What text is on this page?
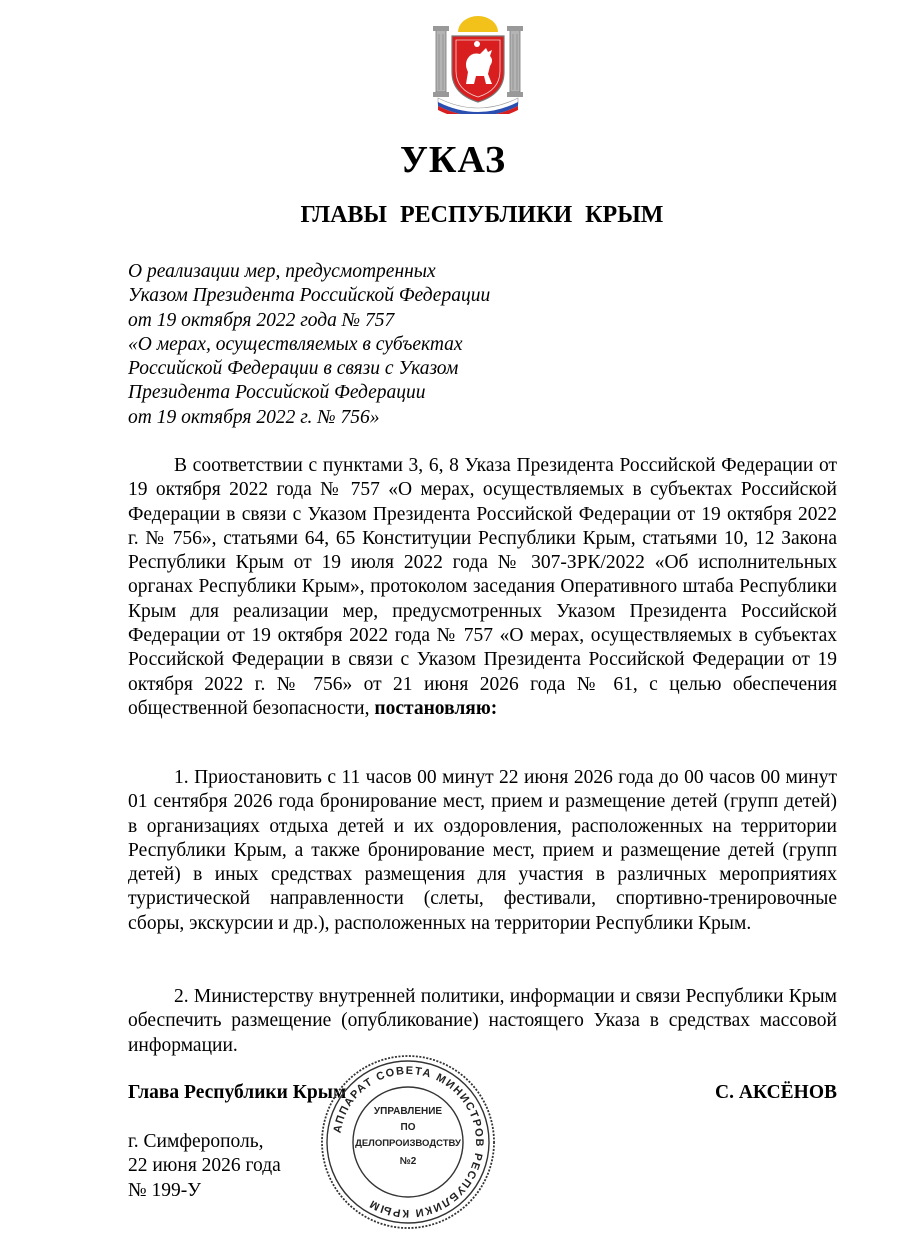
УКАЗ
ГЛАВЫ РЕСПУБЛИКИ КРЫМ
О реализации мер, предусмотренных
Указом Президента Российской Федерации
от 19 октября 2022 года № 757
«О мерах, осуществляемых в субъектах
Российской Федерации в связи с Указом
Президента Российской Федерации
от 19 октября 2022 г. № 756»
В соответствии с пунктами 3, 6, 8 Указа Президента Российской Федерации от 19 октября 2022 года № 757 «О мерах, осуществляемых в субъектах Российской Федерации в связи с Указом Президента Российской Федерации от 19 октября 2022 г. № 756», статьями 64, 65 Конституции Республики Крым, статьями 10, 12 Закона Республики Крым от 19 июля 2022 года № 307-ЗРК/2022 «Об исполнительных органах Республики Крым», протоколом заседания Оперативного штаба Республики Крым для реализации мер, предусмотренных Указом Президента Российской Федерации от 19 октября 2022 года № 757 «О мерах, осуществляемых в субъектах Российской Федерации в связи с Указом Президента Российской Федерации от 19 октября 2022 г. № 756» от 21 июня 2026 года № 61, с целью обеспечения общественной безопасности, постановляю:
1. Приостановить с 11 часов 00 минут 22 июня 2026 года до 00 часов 00 минут 01 сентября 2026 года бронирование мест, прием и размещение детей (групп детей) в организациях отдыха детей и их оздоровления, расположенных на территории Республики Крым, а также бронирование мест, прием и размещение детей (групп детей) в иных средствах размещения для участия в различных мероприятиях туристической направленности (слеты, фестивали, спортивно-тренировочные сборы, экскурсии и др.), расположенных на территории Республики Крым.
2. Министерству внутренней политики, информации и связи Республики Крым обеспечить размещение (опубликование) настоящего Указа в средствах массовой информации.
Глава Республики Крым	С. АКСЁНОВ
г. Симферополь,
22 июня 2026 года
№ 199-У
АППАРАТ СОВЕТА МИНИСТРОВ РЕСПУБЛИКИ КРЫМ
УПРАВЛЕНИЕ
ПО
ДЕЛОПРОИЗВОДСТВУ
№2
